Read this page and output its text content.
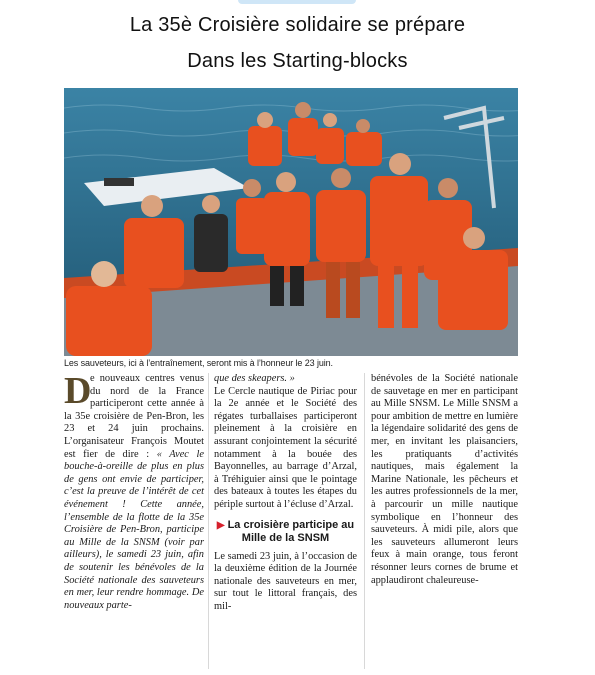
La 35è Croisière solidaire se prépare
Dans les Starting-blocks
Les sauveteurs, ici à l’entraînement, seront mis à l’honneur le 23 juin.

D
e nouveaux centres venus du nord de la France participeront cette année à la 35e croisière de Pen-Bron, les 23 et 24 juin prochains. L’organisateur François Moutet est fier de dire : « Avec le bouche-à-oreille de plus en plus de gens ont envie de participer, c’est la preuve de l’intérêt de cet événement ! Cette année, l’ensemble de la flotte de la 35e Croisière de Pen-Bron, participe au Mille de la SNSM (voir par ailleurs), le samedi 23 juin, afin de soutenir les bénévoles de la Société nationale des sauveteurs en mer, leur rendre hommage. De nouveaux parte-

que des skeapers. »

Le Cercle nautique de Piriac pour la 2e année et le Société des régates turballaises participeront pleinement à la croisière en assurant conjointement la sécurité notamment à la bouée des Bayonnelles, au barrage d’Arzal, à Tréhiguier ainsi que le pointage des bateaux à toutes les étapes du périple surtout à l’écluse d’Arzal.

▶ La croisière participe au Mille de la SNSM

Le samedi 23 juin, à l’occasion de la deuxième édition de la Journée nationale des sauveteurs en mer, sur tout le littoral français, des mil-

bénévoles de la Société nationale de sauvetage en mer en participant au Mille SNSM. Le Mille SNSM a pour ambition de mettre en lumière la légendaire solidarité des gens de mer, en invitant les plaisanciers, les pratiquants d’activités nautiques, mais également la Marine Nationale, les pêcheurs et les autres professionnels de la mer, à parcourir un mille nautique symbolique en l’honneur des sauveteurs. À midi pile, alors que les sauveteurs allumeront leurs feux à main orange, tous feront résonner leurs cornes de brume et applaudiront chaleureuse-
